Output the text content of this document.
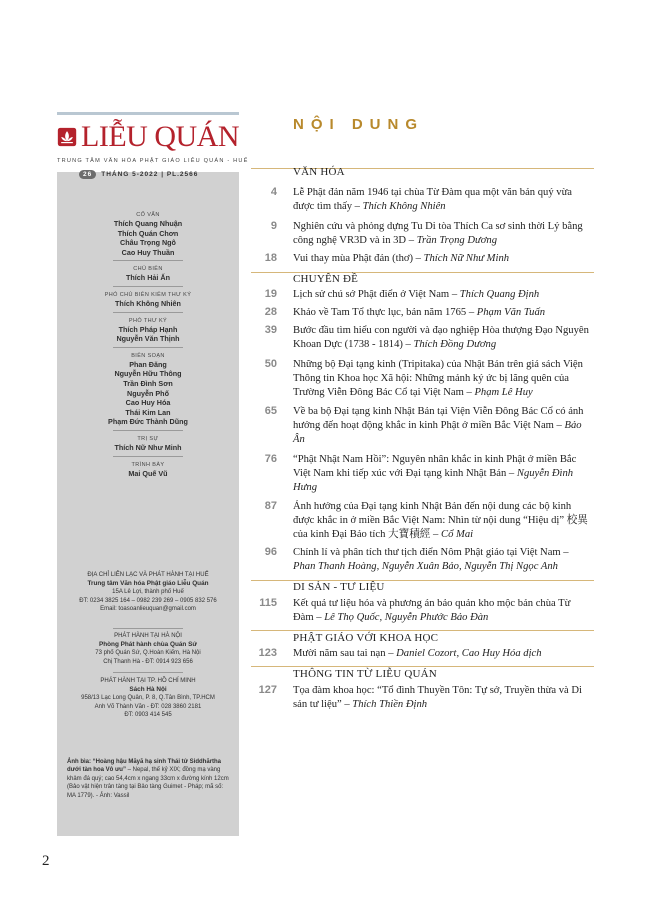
LIỄU QUÁN
TRUNG TÂM VĂN HÓA PHẬT GIÁO LIỄU QUÁN - HUẾ
26	THÁNG 5-2022 | PL.2566
CỐ VẤN
Thích Quang Nhuận
Thích Quán Chơn
Châu Trọng Ngô
Cao Huy Thuần
CHỦ BIÊN
Thích Hải Ấn
PHÓ CHỦ BIÊN KIÊM THƯ KÝ
Thích Không Nhiên
PHÓ THƯ KÝ
Thích Pháp Hạnh
Nguyễn Văn Thịnh
BIÊN SOẠN
Phan Đăng
Nguyễn Hữu Thông
Trần Đình Sơn
Nguyễn Phố
Cao Huy Hóa
Thái Kim Lan
Phạm Đức Thành Dũng
TRỊ SỰ
Thích Nữ Như Minh
TRÌNH BÀY
Mai Quế Vũ
ĐỊA CHỈ LIÊN LẠC VÀ PHÁT HÀNH TẠI HUẾ
Trung tâm Văn hóa Phật giáo Liễu Quán
15A Lê Lợi, thành phố Huế
ĐT: 0234 3825 164 – 0982 239 269 – 0905 832 576
Email: toasoanlieuquan@gmail.com
PHÁT HÀNH TẠI HÀ NỘI
Phòng Phát hành chùa Quán Sứ
73 phố Quán Sứ, Q.Hoàn Kiếm, Hà Nội
Chị Thanh Hà - ĐT: 0914 923 656
PHÁT HÀNH TẠI TP. HỒ CHÍ MINH
Sách Hà Nội
958/13 Lạc Long Quân, P. 8, Q.Tân Bình, TP.HCM
Anh Võ Thành Văn - ĐT: 028 3860 2181
ĐT: 0903 414 545
Ảnh bìa: “Hoàng hậu Māyā hạ sinh Thái tử Siddhārtha dưới tàn hoa Vô ưu” – Nepal, thế kỷ XIX; đồng mạ vàng khảm đá quý; cao 54,4cm x ngang 33cm x đường kính 12cm (Bảo vật hiện trân tàng tại Bảo tàng Guimet - Pháp; mã số: MA 1779). - Ảnh: Vassil
2
NỘI DUNG
VĂN HÓA
4 Lễ Phật đản năm 1946 tại chùa Từ Đàm qua một văn bản quý vừa được tìm thấy – Thích Không Nhiên
9 Nghiên cứu và phỏng dựng Tu Di tòa Thích Ca sơ sinh thời Lý bằng công nghệ VR3D và in 3D – Trần Trọng Dương
18 Vui thay mùa Phật đản (thơ) – Thích Nữ Như Minh
CHUYÊN ĐỀ
19 Lịch sử chú sớ Phật điển ở Việt Nam – Thích Quang Định
28 Khảo về Tam Tổ thực lục, bản năm 1765 – Phạm Văn Tuấn
39 Bước đầu tìm hiểu con người và đạo nghiệp Hòa thượng Đạo Nguyên Khoan Dực (1738 - 1814) – Thích Đồng Dương
50 Những bộ Đại tạng kinh (Tripitaka) của Nhật Bản trên giá sách Viện Thông tin Khoa học Xã hội: Những mảnh ký ức bị lãng quên của Trường Viễn Đông Bác Cổ tại Việt Nam – Phạm Lê Huy
65 Về ba bộ Đại tạng kinh Nhật Bản tại Viện Viễn Đông Bác Cổ có ảnh hưởng đến hoạt động khắc in kinh Phật ở miền Bắc Việt Nam – Bảo Ân
76 “Phật Nhật Nam Hồi”: Nguyên nhân khắc in kinh Phật ở miền Bắc Việt Nam khi tiếp xúc với Đại tạng kinh Nhật Bản – Nguyễn Đình Hưng
87 Ảnh hưởng của Đại tạng kinh Nhật Bản đến nội dung các bộ kinh được khắc in ở miền Bắc Việt Nam: Nhìn từ nội dung “Hiệu dị” 校異 của kinh Đại Bảo tích 大寶積經 – Cổ Mai
96 Chỉnh lí và phân tích thư tịch điển Nôm Phật giáo tại Việt Nam – Phan Thanh Hoàng, Nguyễn Xuân Bảo, Nguyễn Thị Ngọc Anh
DI SẢN - TƯ LIỆU
115 Kết quả tư liệu hóa và phương án bảo quản kho mộc bản chùa Từ Đàm – Lê Thọ Quốc, Nguyễn Phước Bảo Đàn
PHẬT GIÁO VỚI KHOA HỌC
123 Mười năm sau tai nạn – Daniel Cozort, Cao Huy Hóa dịch
THÔNG TIN TỪ LIỄU QUÁN
127 Tọa đàm khoa học: “Tổ đình Thuyền Tôn: Tự sở, Truyền thừa và Di sản tư liệu” – Thích Thiền Định
